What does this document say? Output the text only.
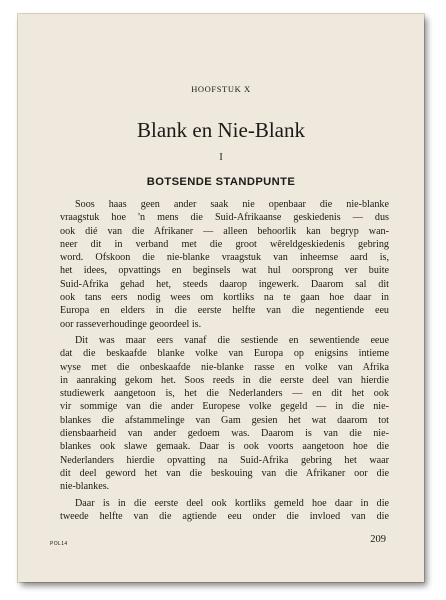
HOOFSTUK X
Blank en Nie-Blank
I
BOTSENDE STANDPUNTE

Soos haas geen ander saak nie openbaar die nie-blanke
vraagstuk hoe 'n mens die Suid-Afrikaanse geskiedenis — dus
ook dié van die Afrikaner — alleen behoorlik kan begryp wan-
neer dit in verband met die groot wêreldgeskiedenis gebring
word. Ofskoon die nie-blanke vraagstuk van inheemse aard is,
het idees, opvattings en beginsels wat hul oorsprong ver buite
Suid-Afrika gehad het, steeds daarop ingewerk. Daarom sal dit
ook tans eers nodig wees om kortliks na te gaan hoe daar in
Europa en elders in die eerste helfte van die negentiende eeu
oor rasseverhoudinge geoordeel is.

Dit was maar eers vanaf die sestiende en sewentiende eeue
dat die beskaafde blanke volke van Europa op enigsins intieme
wyse met die onbeskaafde nie-blanke rasse en volke van Afrika
in aanraking gekom het. Soos reeds in die eerste deel van hierdie
studiewerk aangetoon is, het die Nederlanders — en dit het ook
vir sommige van die ander Europese volke gegeld — in die nie-
blankes die afstammelinge van Gam gesien het wat daarom tot
diensbaarheid van ander gedoem was. Daarom is van die nie-
blankes ook slawe gemaak. Daar is ook voorts aangetoon hoe die
Nederlanders hierdie opvatting na Suid-Afrika gebring het waar
dit deel geword het van die beskouing van die Afrikaner oor die
nie-blankes.

Daar is in die eerste deel ook kortliks gemeld hoe daar in die
tweede helfte van die agtiende eeu onder die invloed van die

POL14	209
